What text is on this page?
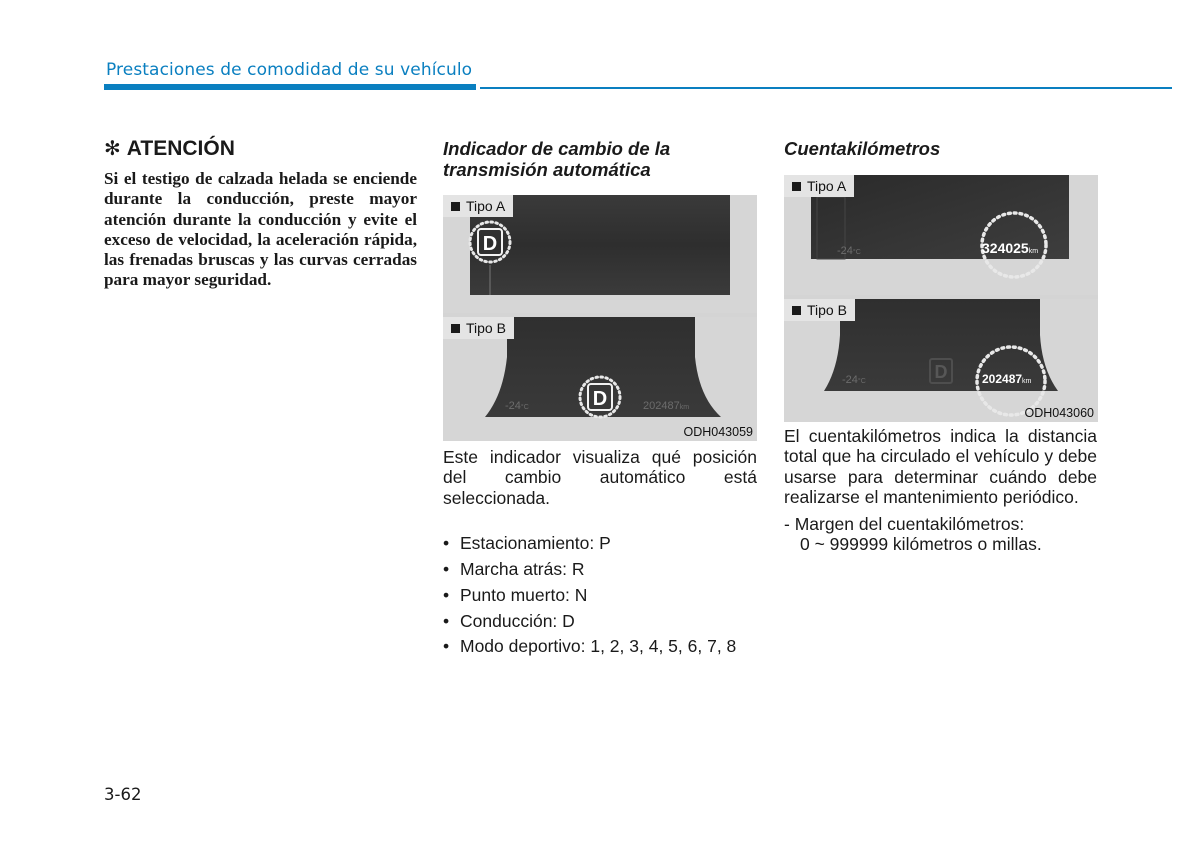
Prestaciones de comodidad de su vehículo
✻ ATENCIÓN
Si el testigo de calzada helada se enciende durante la conducción, preste mayor atención durante la conducción y evite el exceso de velocidad, la aceleración rápida, las frenadas bruscas y las curvas cerradas para mayor seguridad.
Indicador de cambio de la
transmisión automática
D
Tipo A
-24°C	D	202487km
Tipo B
ODH043059
Este indicador visualiza qué posición del cambio automático está seleccionada.
• Estacionamiento: P
• Marcha atrás: R
• Punto muerto: N
• Conducción: D
• Modo deportivo: 1, 2, 3, 4, 5, 6, 7, 8
Cuentakilómetros
-24°C	324025km
Tipo A
-24°C	D	202487km
Tipo B
ODH043060
El cuentakilómetros indica la distancia total que ha circulado el vehículo y debe usarse para determinar cuándo debe realizarse el mantenimiento periódico.
- Margen del cuentakilómetros:
0 ~ 999999 kilómetros o millas.
3-62
